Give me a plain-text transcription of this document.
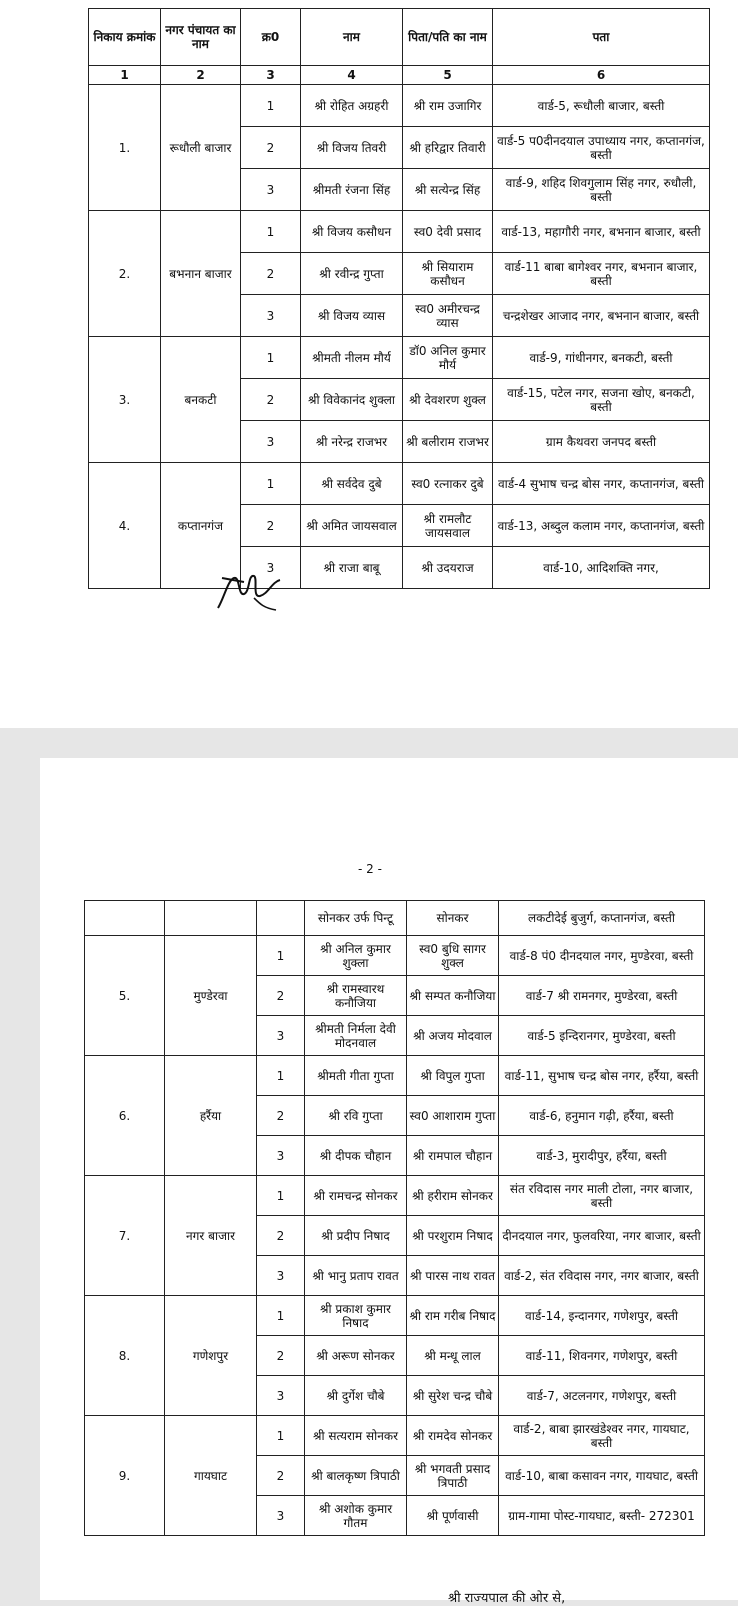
निकाय क्रमांक	नगर पंचायत का नाम	क्र0	नाम	पिता/पति का नाम	पता
1	2	3	4	5	6
1.	रूधौली बाजार	1	श्री रोहित अग्रहरी	श्री राम उजागिर	वार्ड-5, रूधौली बाजार, बस्ती
		2	श्री विजय तिवरी	श्री हरिद्वार तिवारी	वार्ड-5 प0दीनदयाल उपाध्याय नगर, कप्तानगंज, बस्ती
		3	श्रीमती रंजना सिंह	श्री सत्येन्द्र सिंह	वार्ड-9, शहिद शिवगुलाम सिंह नगर, रुधौली, बस्ती
2.	बभनान बाजार	1	श्री विजय कसौधन	स्व0 देवी प्रसाद	वार्ड-13, महागौरी नगर, बभनान बाजार, बस्ती
		2	श्री रवीन्द्र गुप्ता	श्री सियाराम कसौधन	वार्ड-11 बाबा बागेश्वर नगर, बभनान बाजार, बस्ती
		3	श्री विजय व्यास	स्व0 अमीरचन्द्र व्यास	चन्द्रशेखर आजाद नगर, बभनान बाजार, बस्ती
3.	बनकटी	1	श्रीमती नीलम मौर्य	डॉ0 अनिल कुमार मौर्य	वार्ड-9, गांधीनगर, बनकटी, बस्ती
		2	श्री विवेकानंद शुक्ला	श्री देवशरण शुक्ल	वार्ड-15, पटेल नगर, सजना खोए, बनकटी, बस्ती
		3	श्री नरेन्द्र राजभर	श्री बलीराम राजभर	ग्राम कैथवरा जनपद बस्ती
4.	कप्तानगंज	1	श्री सर्वदेव दुबे	स्व0 रत्नाकर दुबे	वार्ड-4 सुभाष चन्द्र बोस नगर, कप्तानगंज, बस्ती
		2	श्री अमित जायसवाल	श्री रामलौट जायसवाल	वार्ड-13, अब्दुल कलाम नगर, कप्तानगंज, बस्ती
		3	श्री राजा बाबू	श्री उदयराज	वार्ड-10, आदिशक्ति नगर,
- 2 -
			सोनकर उर्फ पिन्टू	सोनकर	लकटीदेई बुजुर्ग, कप्तानगंज, बस्ती
5.	मुण्डेरवा	1	श्री अनिल कुमार शुक्ला	स्व0 बुधि सागर शुक्ल	वार्ड-8 पं0 दीनदयाल नगर, मुण्डेरवा, बस्ती
		2	श्री रामस्वारथ कनौजिया	श्री सम्पत कनौजिया	वार्ड-7 श्री रामनगर, मुण्डेरवा, बस्ती
		3	श्रीमती निर्मला देवी मोदनवाल	श्री अजय मोदवाल	वार्ड-5 इन्दिरानगर, मुण्डेरवा, बस्ती
6.	हर्रैया	1	श्रीमती गीता गुप्ता	श्री विपुल गुप्ता	वार्ड-11, सुभाष चन्द्र बोस नगर, हर्रैया, बस्ती
		2	श्री रवि गुप्ता	स्व0 आशाराम गुप्ता	वार्ड-6, हनुमान गढ़ी, हर्रैया, बस्ती
		3	श्री दीपक चौहान	श्री रामपाल चौहान	वार्ड-3, मुरादीपुर, हर्रैया, बस्ती
7.	नगर बाजार	1	श्री रामचन्द्र सोनकर	श्री हरीराम सोनकर	संत रविदास नगर माली टोला, नगर बाजार, बस्ती
		2	श्री प्रदीप निषाद	श्री परशुराम निषाद	दीनदयाल नगर, फुलवरिया, नगर बाजार, बस्ती
		3	श्री भानु प्रताप रावत	श्री पारस नाथ रावत	वार्ड-2, संत रविदास नगर, नगर बाजार, बस्ती
8.	गणेशपुर	1	श्री प्रकाश कुमार निषाद	श्री राम गरीब निषाद	वार्ड-14, इन्दानगर, गणेशपुर, बस्ती
		2	श्री अरूण सोनकर	श्री मन्धू लाल	वार्ड-11, शिवनगर, गणेशपुर, बस्ती
		3	श्री दुर्गेश चौबे	श्री सुरेश चन्द्र चौबे	वार्ड-7, अटलनगर, गणेशपुर, बस्ती
9.	गायघाट	1	श्री सत्यराम सोनकर	श्री रामदेव सोनकर	वार्ड-2, बाबा झारखंडेश्वर नगर, गायघाट, बस्ती
		2	श्री बालकृष्ण त्रिपाठी	श्री भगवती प्रसाद त्रिपाठी	वार्ड-10, बाबा कसावन नगर, गायघाट, बस्ती
		3	श्री अशोक कुमार गौतम	श्री पूर्णवासी	ग्राम-गामा पोस्ट-गायघाट, बस्ती- 272301
श्री राज्यपाल की ओर से,
